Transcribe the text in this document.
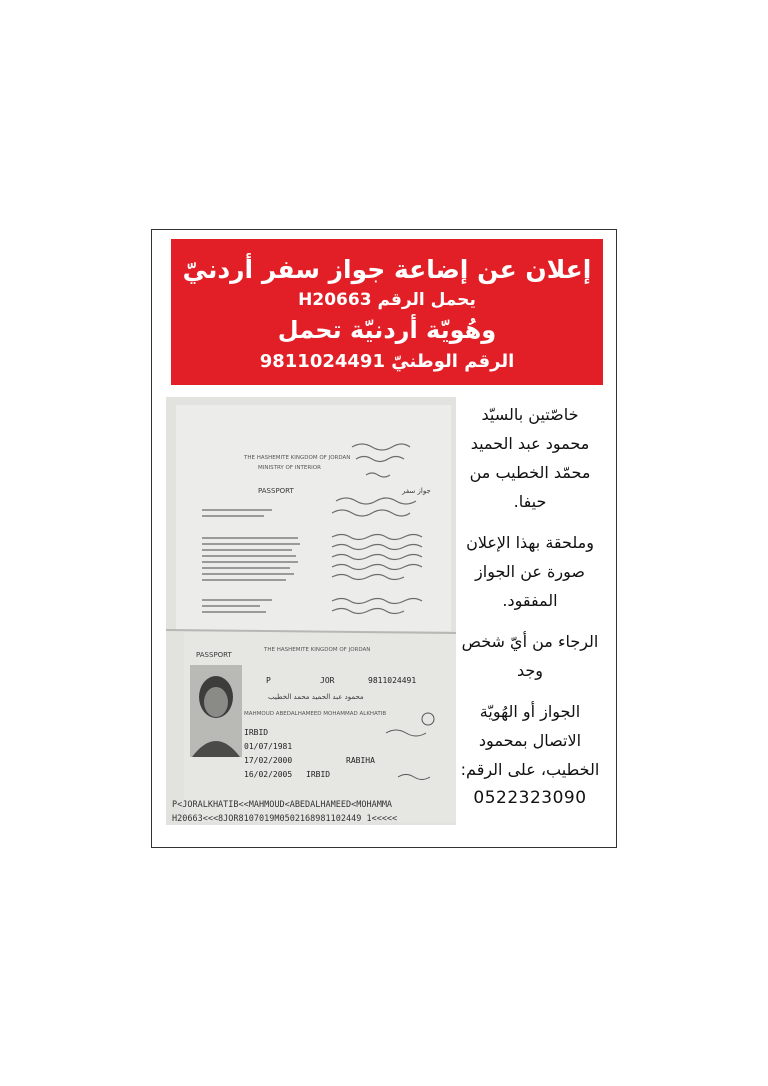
إعلان عن إضاعة جواز سفر أردنيّ
يحمل الرقم H20663
وهُويّة أردنيّة تحمل
الرقم الوطنيّ 9811024491
THE HASHEMITE KINGDOM OF JORDAN
MINISTRY OF INTERIOR
PASSPORT	جواز سفر
THE HASHEMITE KINGDOM OF JORDAN
PASSPORT
P	JOR	9811024491
محمود عبد الحميد محمد الخطيب
MAHMOUD ABEDALHAMEED MOHAMMAD ALKHATIB
IRBID
01/07/1981
17/02/2000	RABIHA
16/02/2005 IRBID
P<JORALKHATIB<<MAHMOUD<ABEDALHAMEED<MOHAMMA
H20663<<<8JOR8107019M0502168981102449 1<<<<<

خاصّتين بالسيّد محمود عبد الحميد محمّد الخطيب من حيفا.

وملحقة بهذا الإعلان صورة عن الجواز المفقود.

الرجاء من أيّ شخص وجد

الجواز أو الهُويّة الاتصال بمحمود الخطيب، على الرقم:
0522323090
